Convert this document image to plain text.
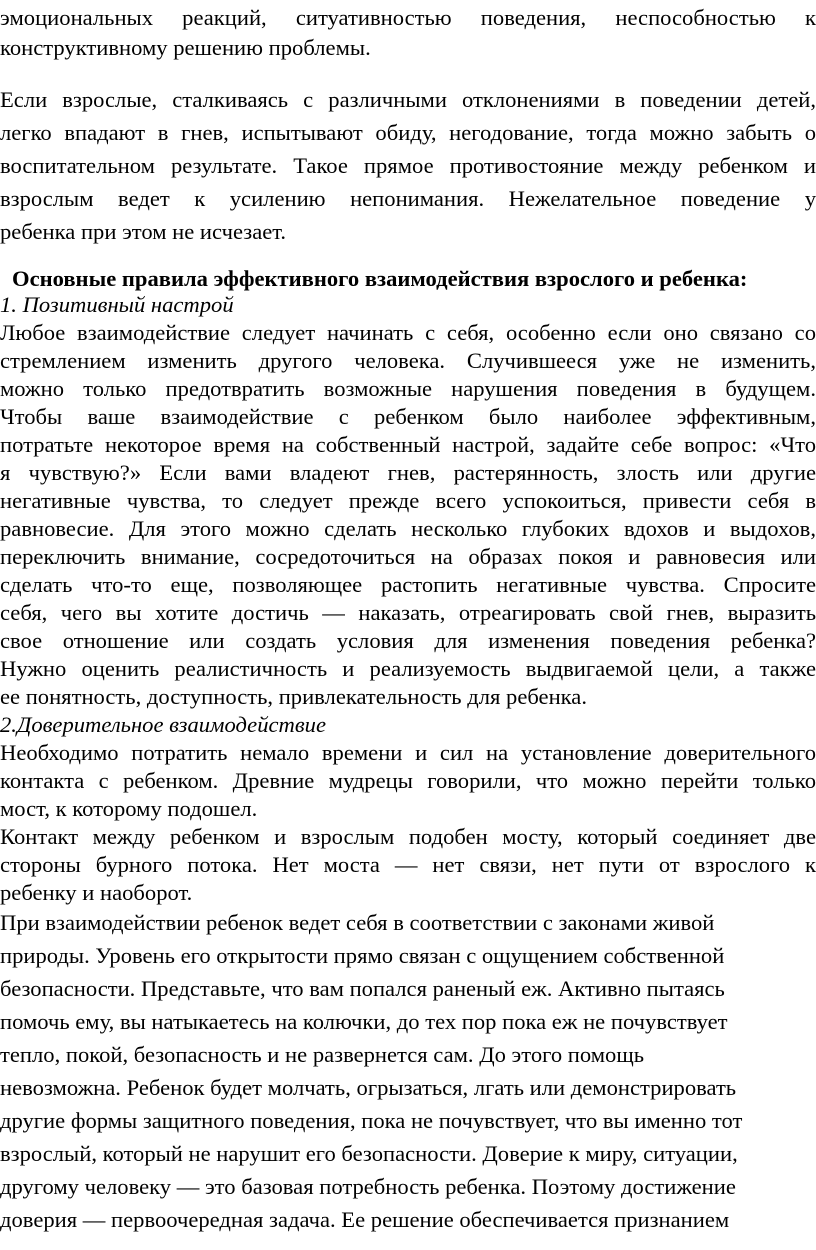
эмоциональных реакций, ситуативностью поведения, неспособностью к
конструктивному решению проблемы.
Если взрослые, сталкиваясь с различными отклонениями в поведении детей,
легко впадают в гнев, испытывают обиду, негодование, тогда можно забыть о
воспитательном результате. Такое прямое противостояние между ребенком и
взрослым ведет к усилению непонимания. Нежелательное поведение у
ребенка при этом не исчезает.
Основные правила эффективного взаимодействия взрослого и ребенка:
1. Позитивный настрой
Любое взаимодействие следует начинать с себя, особенно если оно связано со
стремлением изменить другого человека. Случившееся уже не изменить,
можно только предотвратить возможные нарушения поведения в будущем.
Чтобы ваше взаимодействие с ребенком было наиболее эффективным,
потратьте некоторое время на собственный настрой, задайте себе вопрос: «Что
я чувствую?» Если вами владеют гнев, растерянность, злость или другие
негативные чувства, то следует прежде всего успокоиться, привести себя в
равновесие. Для этого можно сделать несколько глубоких вдохов и выдохов,
переключить внимание, сосредоточиться на образах покоя и равновесия или
сделать что-то еще, позволяющее растопить негативные чувства. Спросите
себя, чего вы хотите достичь — наказать, отреагировать свой гнев, выразить
свое отношение или создать условия для изменения поведения ребенка?
Нужно оценить реалистичность и реализуемость выдвигаемой цели, а также
ее понятность, доступность, привлекательность для ребенка.
2.Доверительное взаимодействие
Необходимо потратить немало времени и сил на установление доверительного
контакта с ребенком. Древние мудрецы говорили, что можно перейти только
мост, к которому подошел.
Контакт между ребенком и взрослым подобен мосту, который соединяет две
стороны бурного потока. Нет моста — нет связи, нет пути от взрослого к
ребенку и наоборот.
При взаимодействии ребенок ведет себя в соответствии с законами живой
природы. Уровень его открытости прямо связан с ощущением собственной
безопасности. Представьте, что вам попался раненый еж. Активно пытаясь
помочь ему, вы натыкаетесь на колючки, до тех пор пока еж не почувствует
тепло, покой, безопасность и не развернется сам. До этого помощь
невозможна. Ребенок будет молчать, огрызаться, лгать или демонстрировать
другие формы защитного поведения, пока не почувствует, что вы именно тот
взрослый, который не нарушит его безопасности. Доверие к миру, ситуации,
другому человеку — это базовая потребность ребенка. Поэтому достижение
доверия — первоочередная задача. Ее решение обеспечивается признанием
